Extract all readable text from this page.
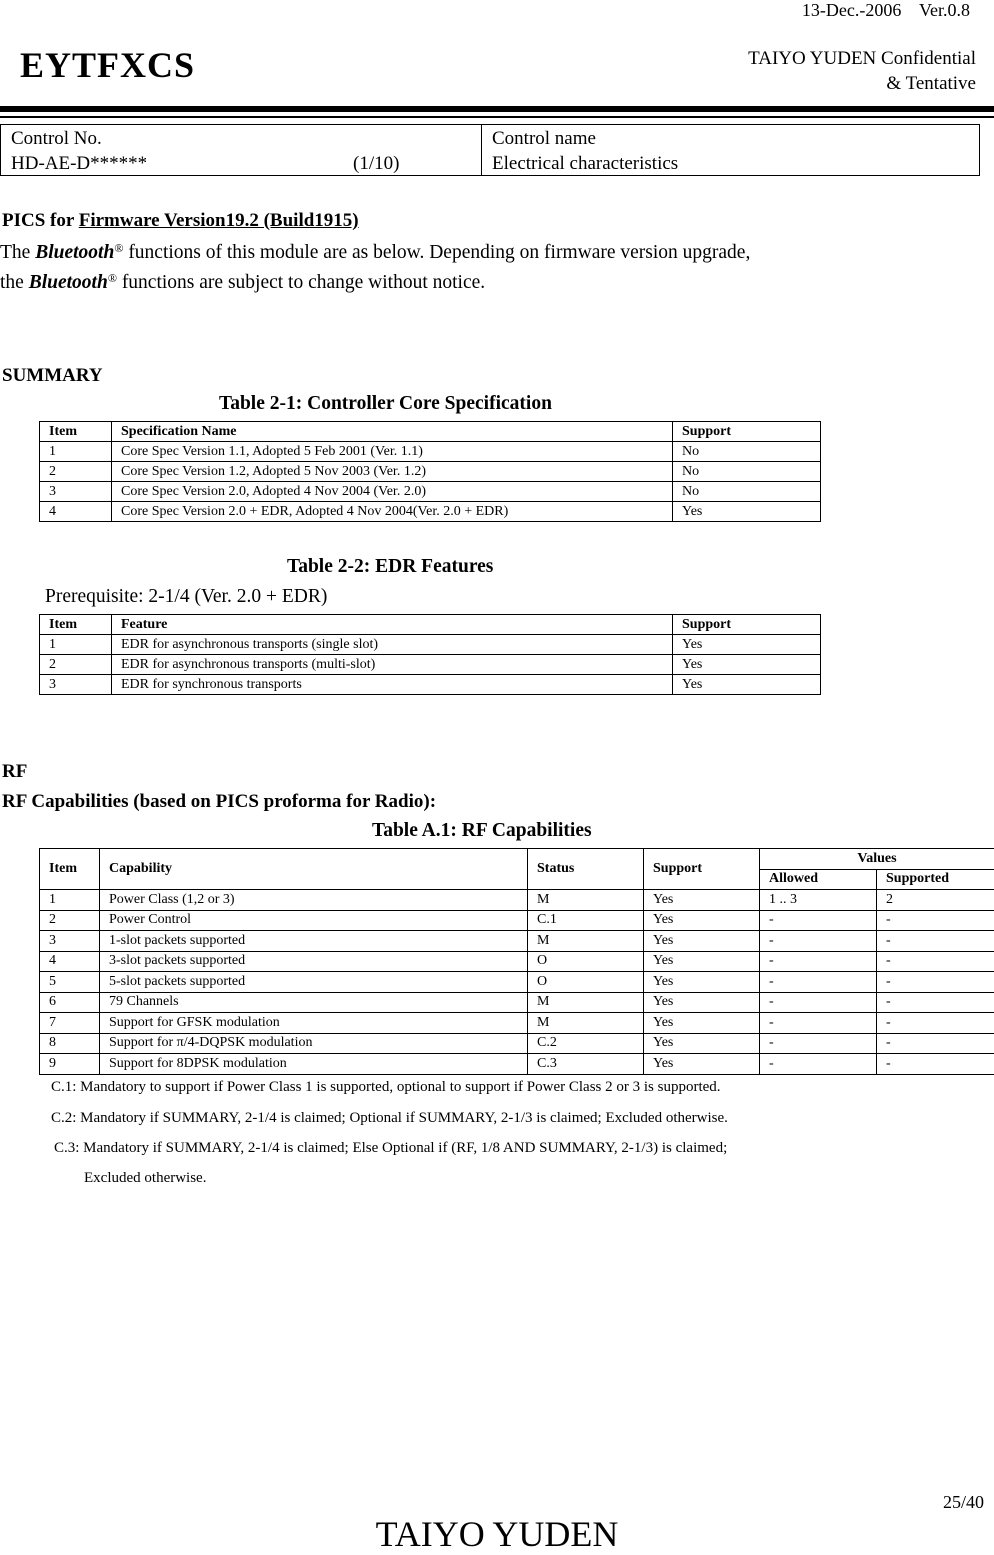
13-Dec.-2006    Ver.0.8
EYTFXCS	TAIYO YUDEN Confidential
& Tentative
Control No.
HD-AE-D******	(1/10)
Control name
Electrical characteristics
PICS for Firmware Version19.2 (Build1915)
The Bluetooth® functions of this module are as below. Depending on firmware version upgrade,
the Bluetooth® functions are subject to change without notice.
SUMMARY
Table 2-1: Controller Core Specification
Item	Specification Name	Support
1	Core Spec Version 1.1, Adopted 5 Feb 2001 (Ver. 1.1)	No
2	Core Spec Version 1.2, Adopted 5 Nov 2003 (Ver. 1.2)	No
3	Core Spec Version 2.0, Adopted 4 Nov 2004 (Ver. 2.0)	No
4	Core Spec Version 2.0 + EDR, Adopted 4 Nov 2004(Ver. 2.0 + EDR)	Yes
Table 2-2: EDR Features
Prerequisite: 2-1/4 (Ver. 2.0 + EDR)
Item	Feature	Support
1	EDR for asynchronous transports (single slot)	Yes
2	EDR for asynchronous transports (multi-slot)	Yes
3	EDR for synchronous transports	Yes
RF
RF Capabilities (based on PICS proforma for Radio):
Table A.1: RF Capabilities
Item	Capability	Status	Support	Values	
				Allowed	Supported
1	Power Class (1,2 or 3)	M	Yes	1 .. 3	2
2	Power Control	C.1	Yes	-	-
3	1-slot packets supported	M	Yes	-	-
4	3-slot packets supported	O	Yes	-	-
5	5-slot packets supported	O	Yes	-	-
6	79 Channels	M	Yes	-	-
7	Support for GFSK modulation	M	Yes	-	-
8	Support for π/4-DQPSK modulation	C.2	Yes	-	-
9	Support for 8DPSK modulation	C.3	Yes	-	-
C.1: Mandatory to support if Power Class 1 is supported, optional to support if Power Class 2 or 3 is supported.
C.2: Mandatory if SUMMARY, 2-1/4 is claimed; Optional if SUMMARY, 2-1/3 is claimed; Excluded otherwise.
C.3: Mandatory if SUMMARY, 2-1/4 is claimed; Else Optional if (RF, 1/8 AND SUMMARY, 2-1/3) is claimed;
Excluded otherwise.
25/40
TAIYO YUDEN
